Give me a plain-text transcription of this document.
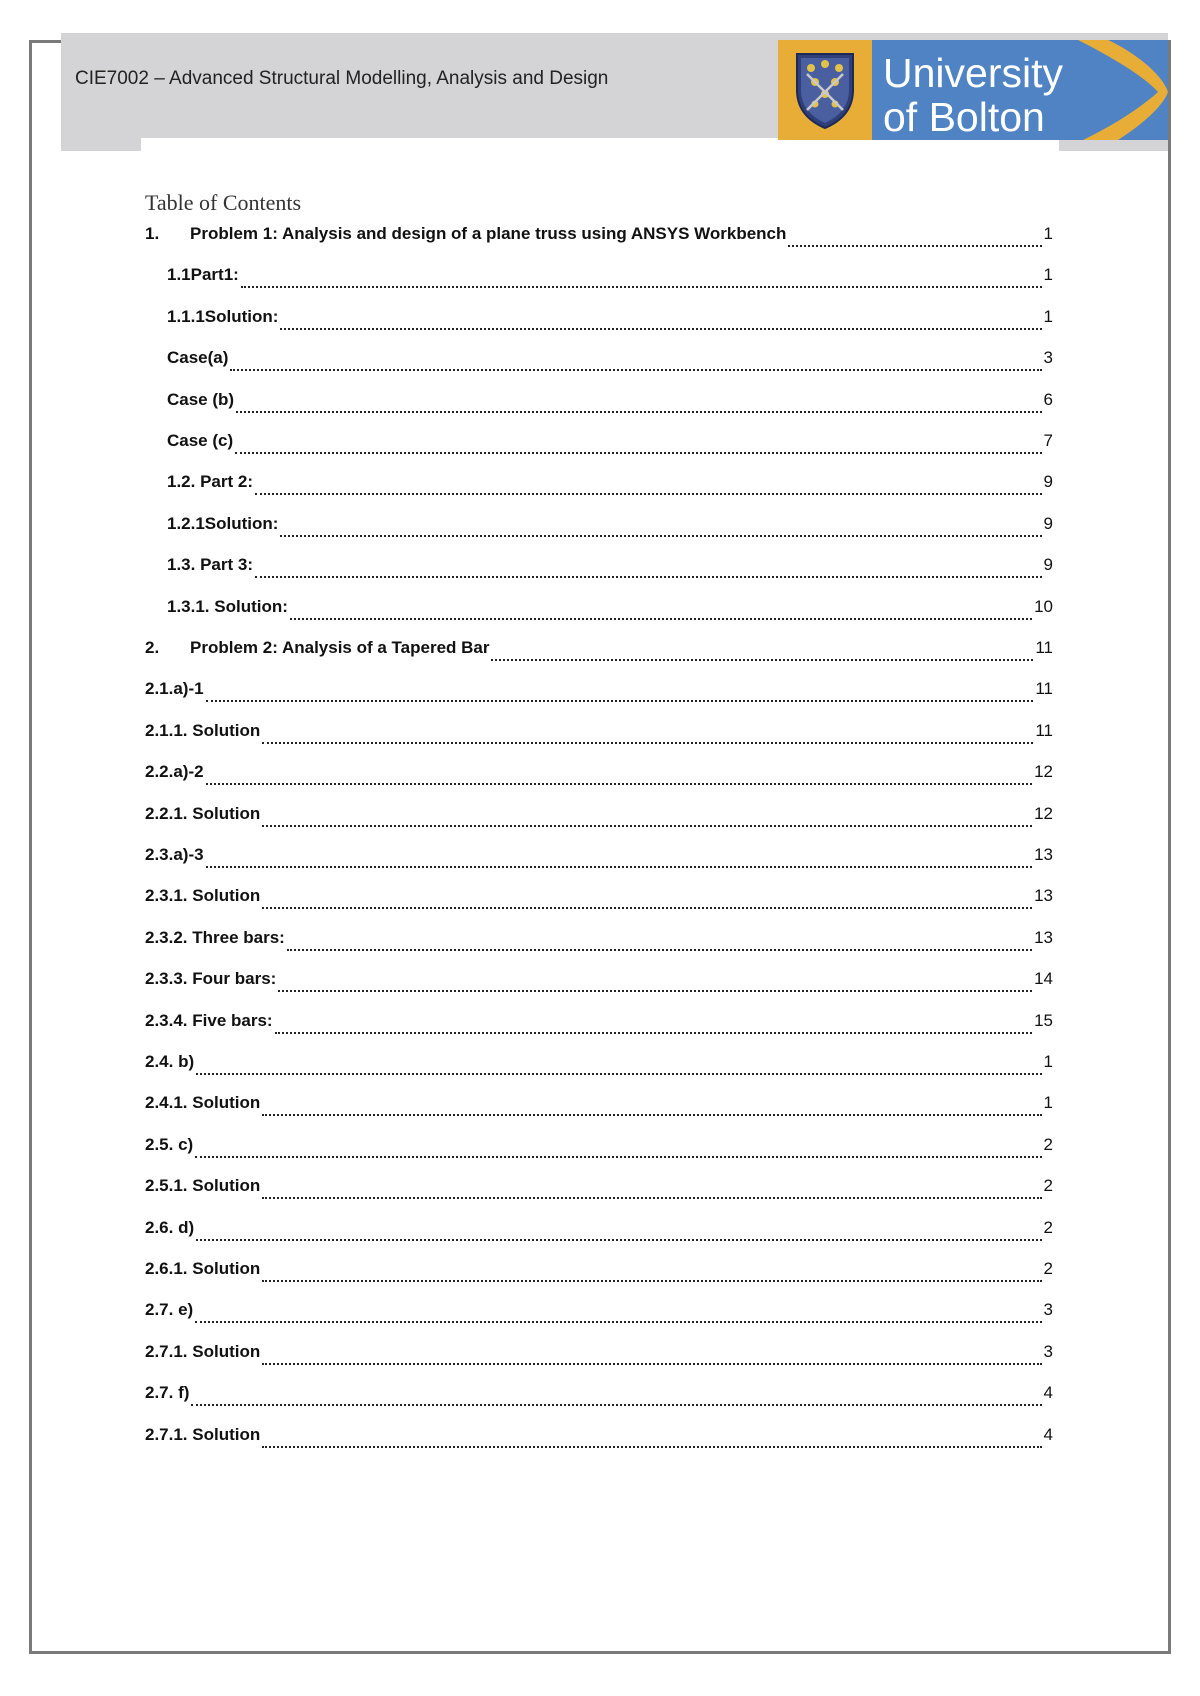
CIE7002 – Advanced Structural Modelling, Analysis and Design	University
of Bolton
Table of Contents
1.	Problem 1: Analysis and design of a plane truss using ANSYS Workbench	1
1.1Part1:	1
1.1.1Solution:	1
Case(a)	3
Case (b)	6
Case (c)	7
1.2. Part 2:	9
1.2.1Solution:	9
1.3. Part 3:	9
1.3.1. Solution:	10
2.	Problem 2: Analysis of a Tapered Bar	11
2.1.a)-1	11
2.1.1. Solution	11
2.2.a)-2	12
2.2.1. Solution	12
2.3.a)-3	13
2.3.1. Solution	13
2.3.2. Three bars:	13
2.3.3. Four bars:	14
2.3.4. Five bars:	15
2.4. b)	1
2.4.1. Solution	1
2.5. c)	2
2.5.1. Solution	2
2.6. d)	2
2.6.1. Solution	2
2.7. e)	3
2.7.1. Solution	3
2.7. f)	4
2.7.1. Solution	4
